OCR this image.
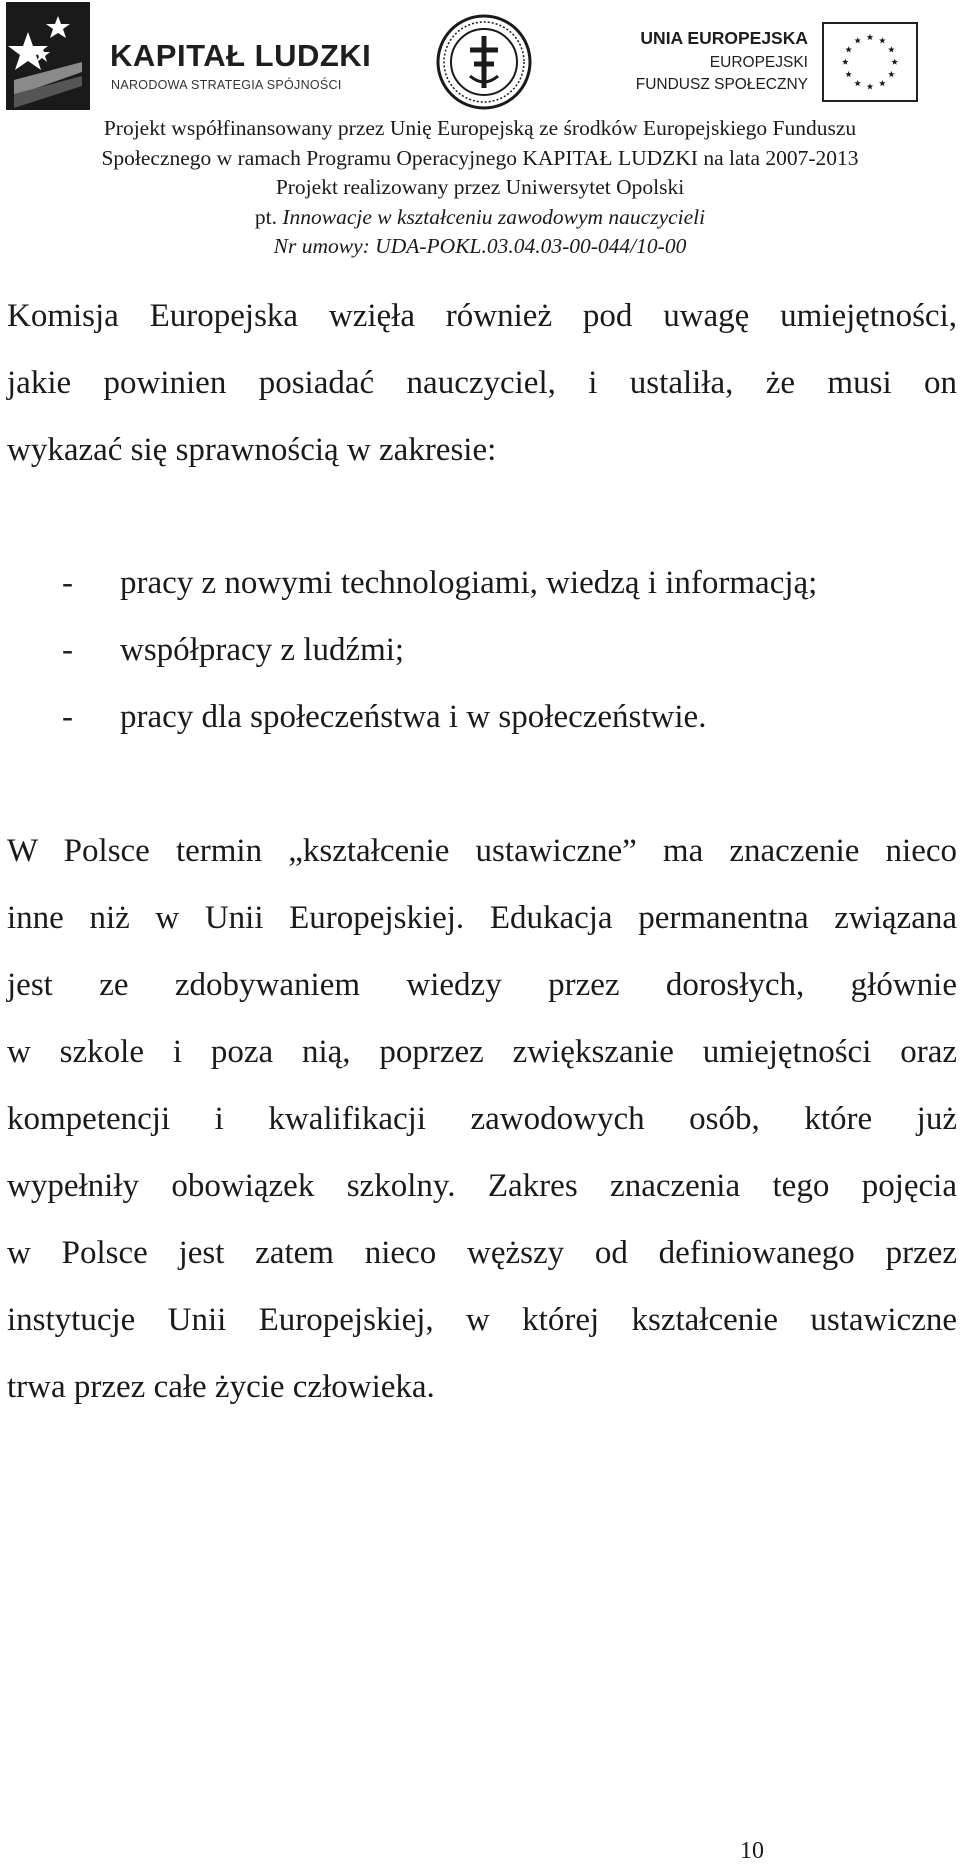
KAPITAŁ LUDZKI
NARODOWA STRATEGIA SPÓJNOŚCI
UNIA EUROPEJSKA
EUROPEJSKI
FUNDUSZ SPOŁECZNY
Projekt współfinansowany przez Unię Europejską ze środków Europejskiego Funduszu
Społecznego w ramach Programu Operacyjnego KAPITAŁ LUDZKI na lata 2007-2013
Projekt realizowany przez Uniwersytet Opolski
pt. Innowacje w kształceniu zawodowym nauczycieli
Nr umowy: UDA-POKL.03.04.03-00-044/10-00
Komisja Europejska wzięła również pod uwagę umiejętności,
jakie powinien posiadać nauczyciel, i ustaliła, że musi on
wykazać się sprawnością w zakresie:
- pracy z nowymi technologiami, wiedzą i informacją;
- współpracy z ludźmi;
- pracy dla społeczeństwa i w społeczeństwie.
W Polsce termin „kształcenie ustawiczne” ma znaczenie nieco
inne niż w Unii Europejskiej. Edukacja permanentna związana
jest ze zdobywaniem wiedzy przez dorosłych, głównie
w szkole i poza nią, poprzez zwiększanie umiejętności oraz
kompetencji i kwalifikacji zawodowych osób, które już
wypełniły obowiązek szkolny. Zakres znaczenia tego pojęcia
w Polsce jest zatem nieco węższy od definiowanego przez
instytucje Unii Europejskiej, w której kształcenie ustawiczne
trwa przez całe życie człowieka.
10
